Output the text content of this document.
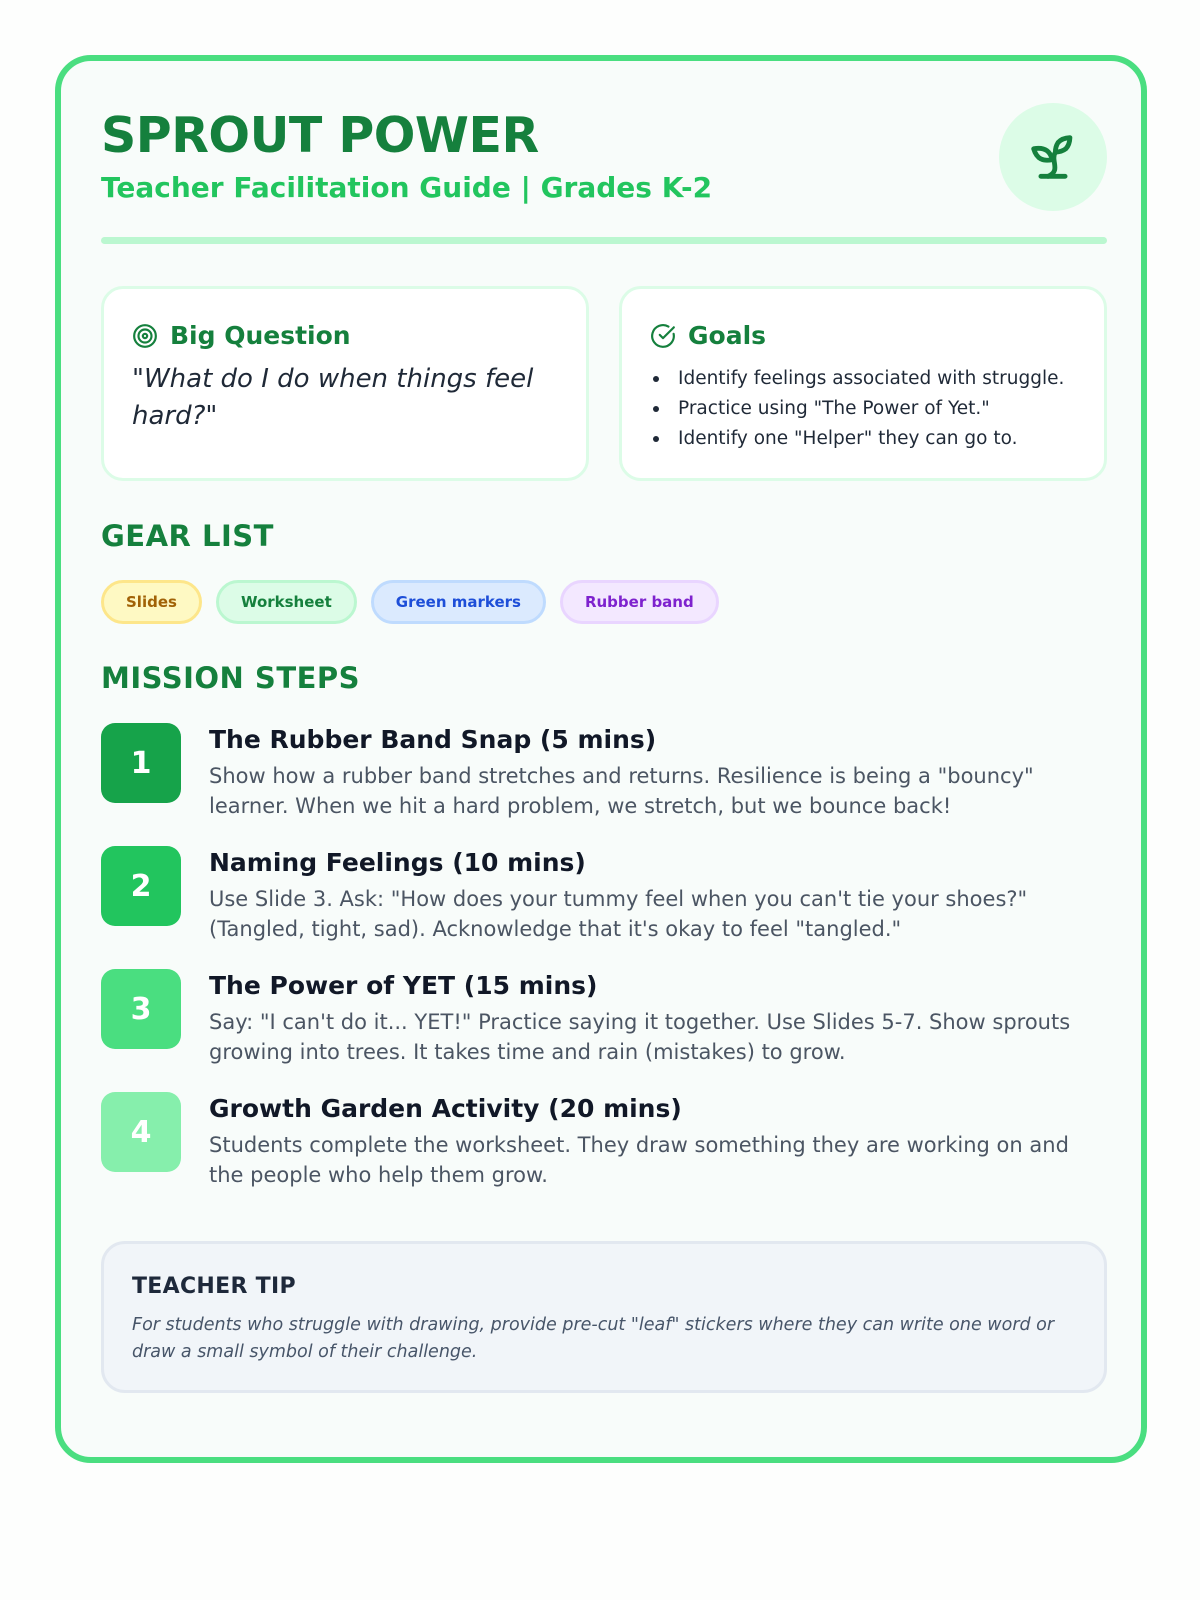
SPROUT POWER
Teacher Facilitation Guide | Grades K-2
Big Question
"What do I do when things feel hard?"
Goals
Identify feelings associated with struggle.
Practice using "The Power of Yet."
Identify one "Helper" they can go to.
GEAR LIST
Slides	Worksheet	Green markers	Rubber band
MISSION STEPS
1
The Rubber Band Snap (5 mins)
Show how a rubber band stretches and returns. Resilience is being a "bouncy" learner. When we hit a hard problem, we stretch, but we bounce back!
2
Naming Feelings (10 mins)
Use Slide 3. Ask: "How does your tummy feel when you can't tie your shoes?" (Tangled, tight, sad). Acknowledge that it's okay to feel "tangled."
3
The Power of YET (15 mins)
Say: "I can't do it... YET!" Practice saying it together. Use Slides 5-7. Show sprouts growing into trees. It takes time and rain (mistakes) to grow.
4
Growth Garden Activity (20 mins)
Students complete the worksheet. They draw something they are working on and the people who help them grow.
TEACHER TIP
For students who struggle with drawing, provide pre-cut "leaf" stickers where they can write one word or draw a small symbol of their challenge.
